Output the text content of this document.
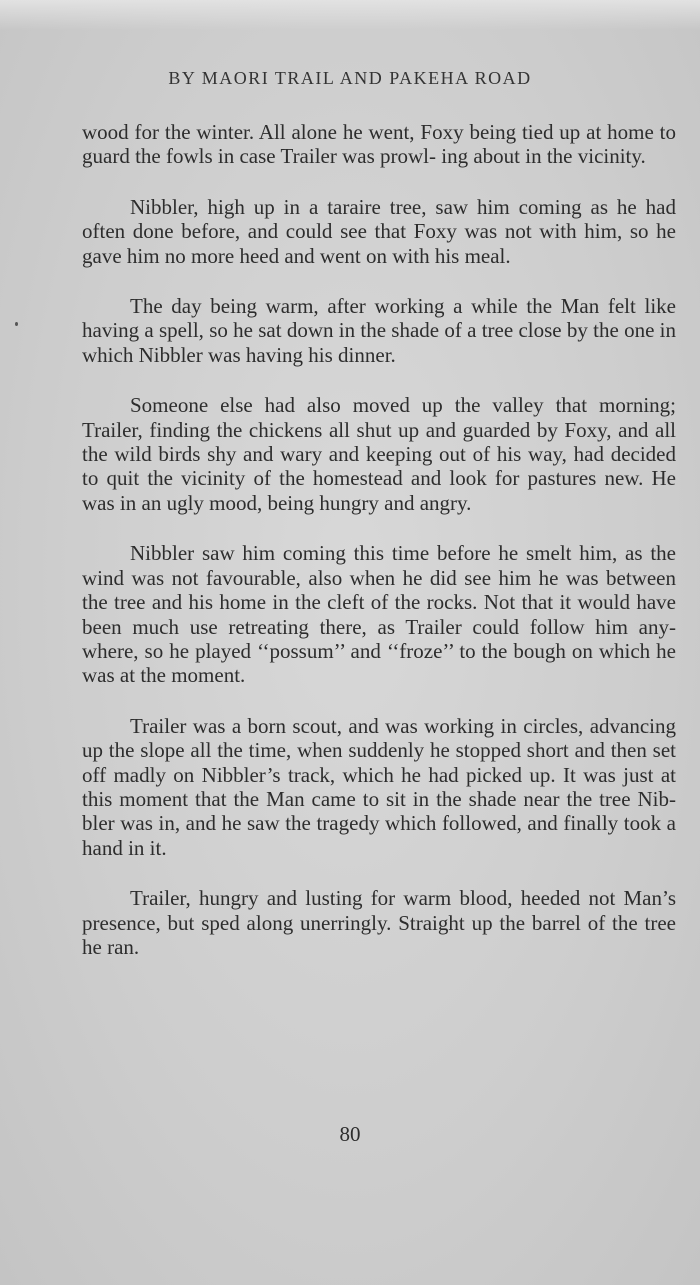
BY MAORI TRAIL AND PAKEHA ROAD

wood for the winter. All alone he went, Foxy being tied up at home to guard the fowls in case Trailer was prowl- ing about in the vicinity.

Nibbler, high up in a taraire tree, saw him coming as he had often done before, and could see that Foxy was not with him, so he gave him no more heed and went on with his meal.

The day being warm, after working a while the Man felt like having a spell, so he sat down in the shade of a tree close by the one in which Nibbler was having his dinner.

Someone else had also moved up the valley that morning; Trailer, finding the chickens all shut up and guarded by Foxy, and all the wild birds shy and wary and keeping out of his way, had decided to quit the vicinity of the homestead and look for pastures new. He was in an ugly mood, being hungry and angry.

Nibbler saw him coming this time before he smelt him, as the wind was not favourable, also when he did see him he was between the tree and his home in the cleft of the rocks. Not that it would have been much use retreating there, as Trailer could follow him any- where, so he played ‘‘possum’’ and ‘‘froze’’ to the bough on which he was at the moment.

Trailer was a born scout, and was working in circles, advancing up the slope all the time, when suddenly he stopped short and then set off madly on Nibbler’s track, which he had picked up. It was just at this moment that the Man came to sit in the shade near the tree Nib- bler was in, and he saw the tragedy which followed, and finally took a hand in it.

Trailer, hungry and lusting for warm blood, heeded not Man’s presence, but sped along unerringly. Straight up the barrel of the tree he ran.

80
